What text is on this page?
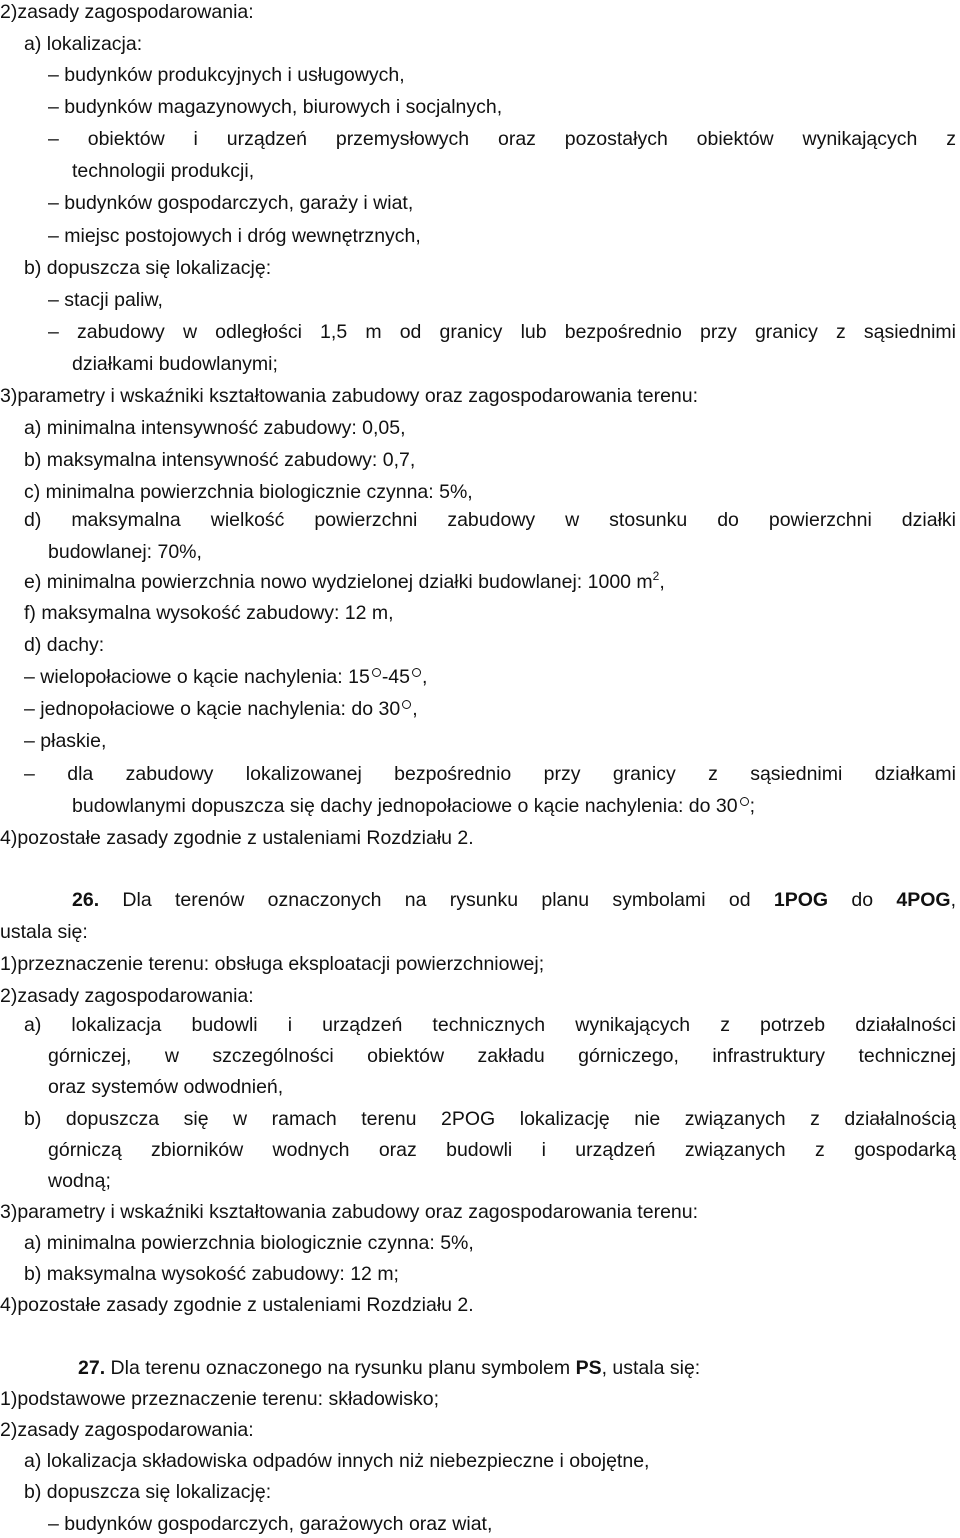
2)zasady zagospodarowania:
a) lokalizacja:
– budynków produkcyjnych i usługowych,
– budynków magazynowych, biurowych i socjalnych,
– obiektów i urządzeń przemysłowych oraz pozostałych obiektów wynikających z
technologii produkcji,
– budynków gospodarczych, garaży i wiat,
– miejsc postojowych i dróg wewnętrznych,
b) dopuszcza się lokalizację:
– stacji paliw,
– zabudowy w odległości 1,5 m od granicy lub bezpośrednio przy granicy z sąsiednimi
działkami budowlanymi;
3)parametry i wskaźniki kształtowania zabudowy oraz zagospodarowania terenu:
a) minimalna intensywność zabudowy: 0,05,
b) maksymalna intensywność zabudowy: 0,7,
c) minimalna powierzchnia biologicznie czynna: 5%,
d) maksymalna wielkość powierzchni zabudowy w stosunku do powierzchni działki
budowlanej: 70%,
e) minimalna powierzchnia nowo wydzielonej działki budowlanej: 1000 $m^2$,
f) maksymalna wysokość zabudowy: 12 m,
d) dachy:
– wielopołaciowe o kącie nachylenia: 15 -45 ,
– jednopołaciowe o kącie nachylenia: do 30 ,
– płaskie,
– dla zabudowy lokalizowanej bezpośrednio przy granicy z sąsiednimi działkami
budowlanymi dopuszcza się dachy jednopołaciowe o kącie nachylenia: do 30 ;
4)pozostałe zasady zgodnie z ustaleniami Rozdziału 2.
26. Dla terenów oznaczonych na rysunku planu symbolami od 1POG do 4POG,
ustala się:
1)przeznaczenie terenu: obsługa eksploatacji powierzchniowej;
2)zasady zagospodarowania:
a) lokalizacja budowli i urządzeń technicznych wynikających z potrzeb działalności
górniczej, w szczególności obiektów zakładu górniczego, infrastruktury technicznej
oraz systemów odwodnień,
b) dopuszcza się w ramach terenu 2POG lokalizację nie związanych z działalnością
górniczą zbiorników wodnych oraz budowli i urządzeń związanych z gospodarką
wodną;
3)parametry i wskaźniki kształtowania zabudowy oraz zagospodarowania terenu:
a) minimalna powierzchnia biologicznie czynna: 5%,
b) maksymalna wysokość zabudowy: 12 m;
4)pozostałe zasady zgodnie z ustaleniami Rozdziału 2.
27. Dla terenu oznaczonego na rysunku planu symbolem PS, ustala się:
1)podstawowe przeznaczenie terenu: składowisko;
2)zasady zagospodarowania:
a) lokalizacja składowiska odpadów innych niż niebezpieczne i obojętne,
b) dopuszcza się lokalizację:
– budynków gospodarczych, garażowych oraz wiat,
